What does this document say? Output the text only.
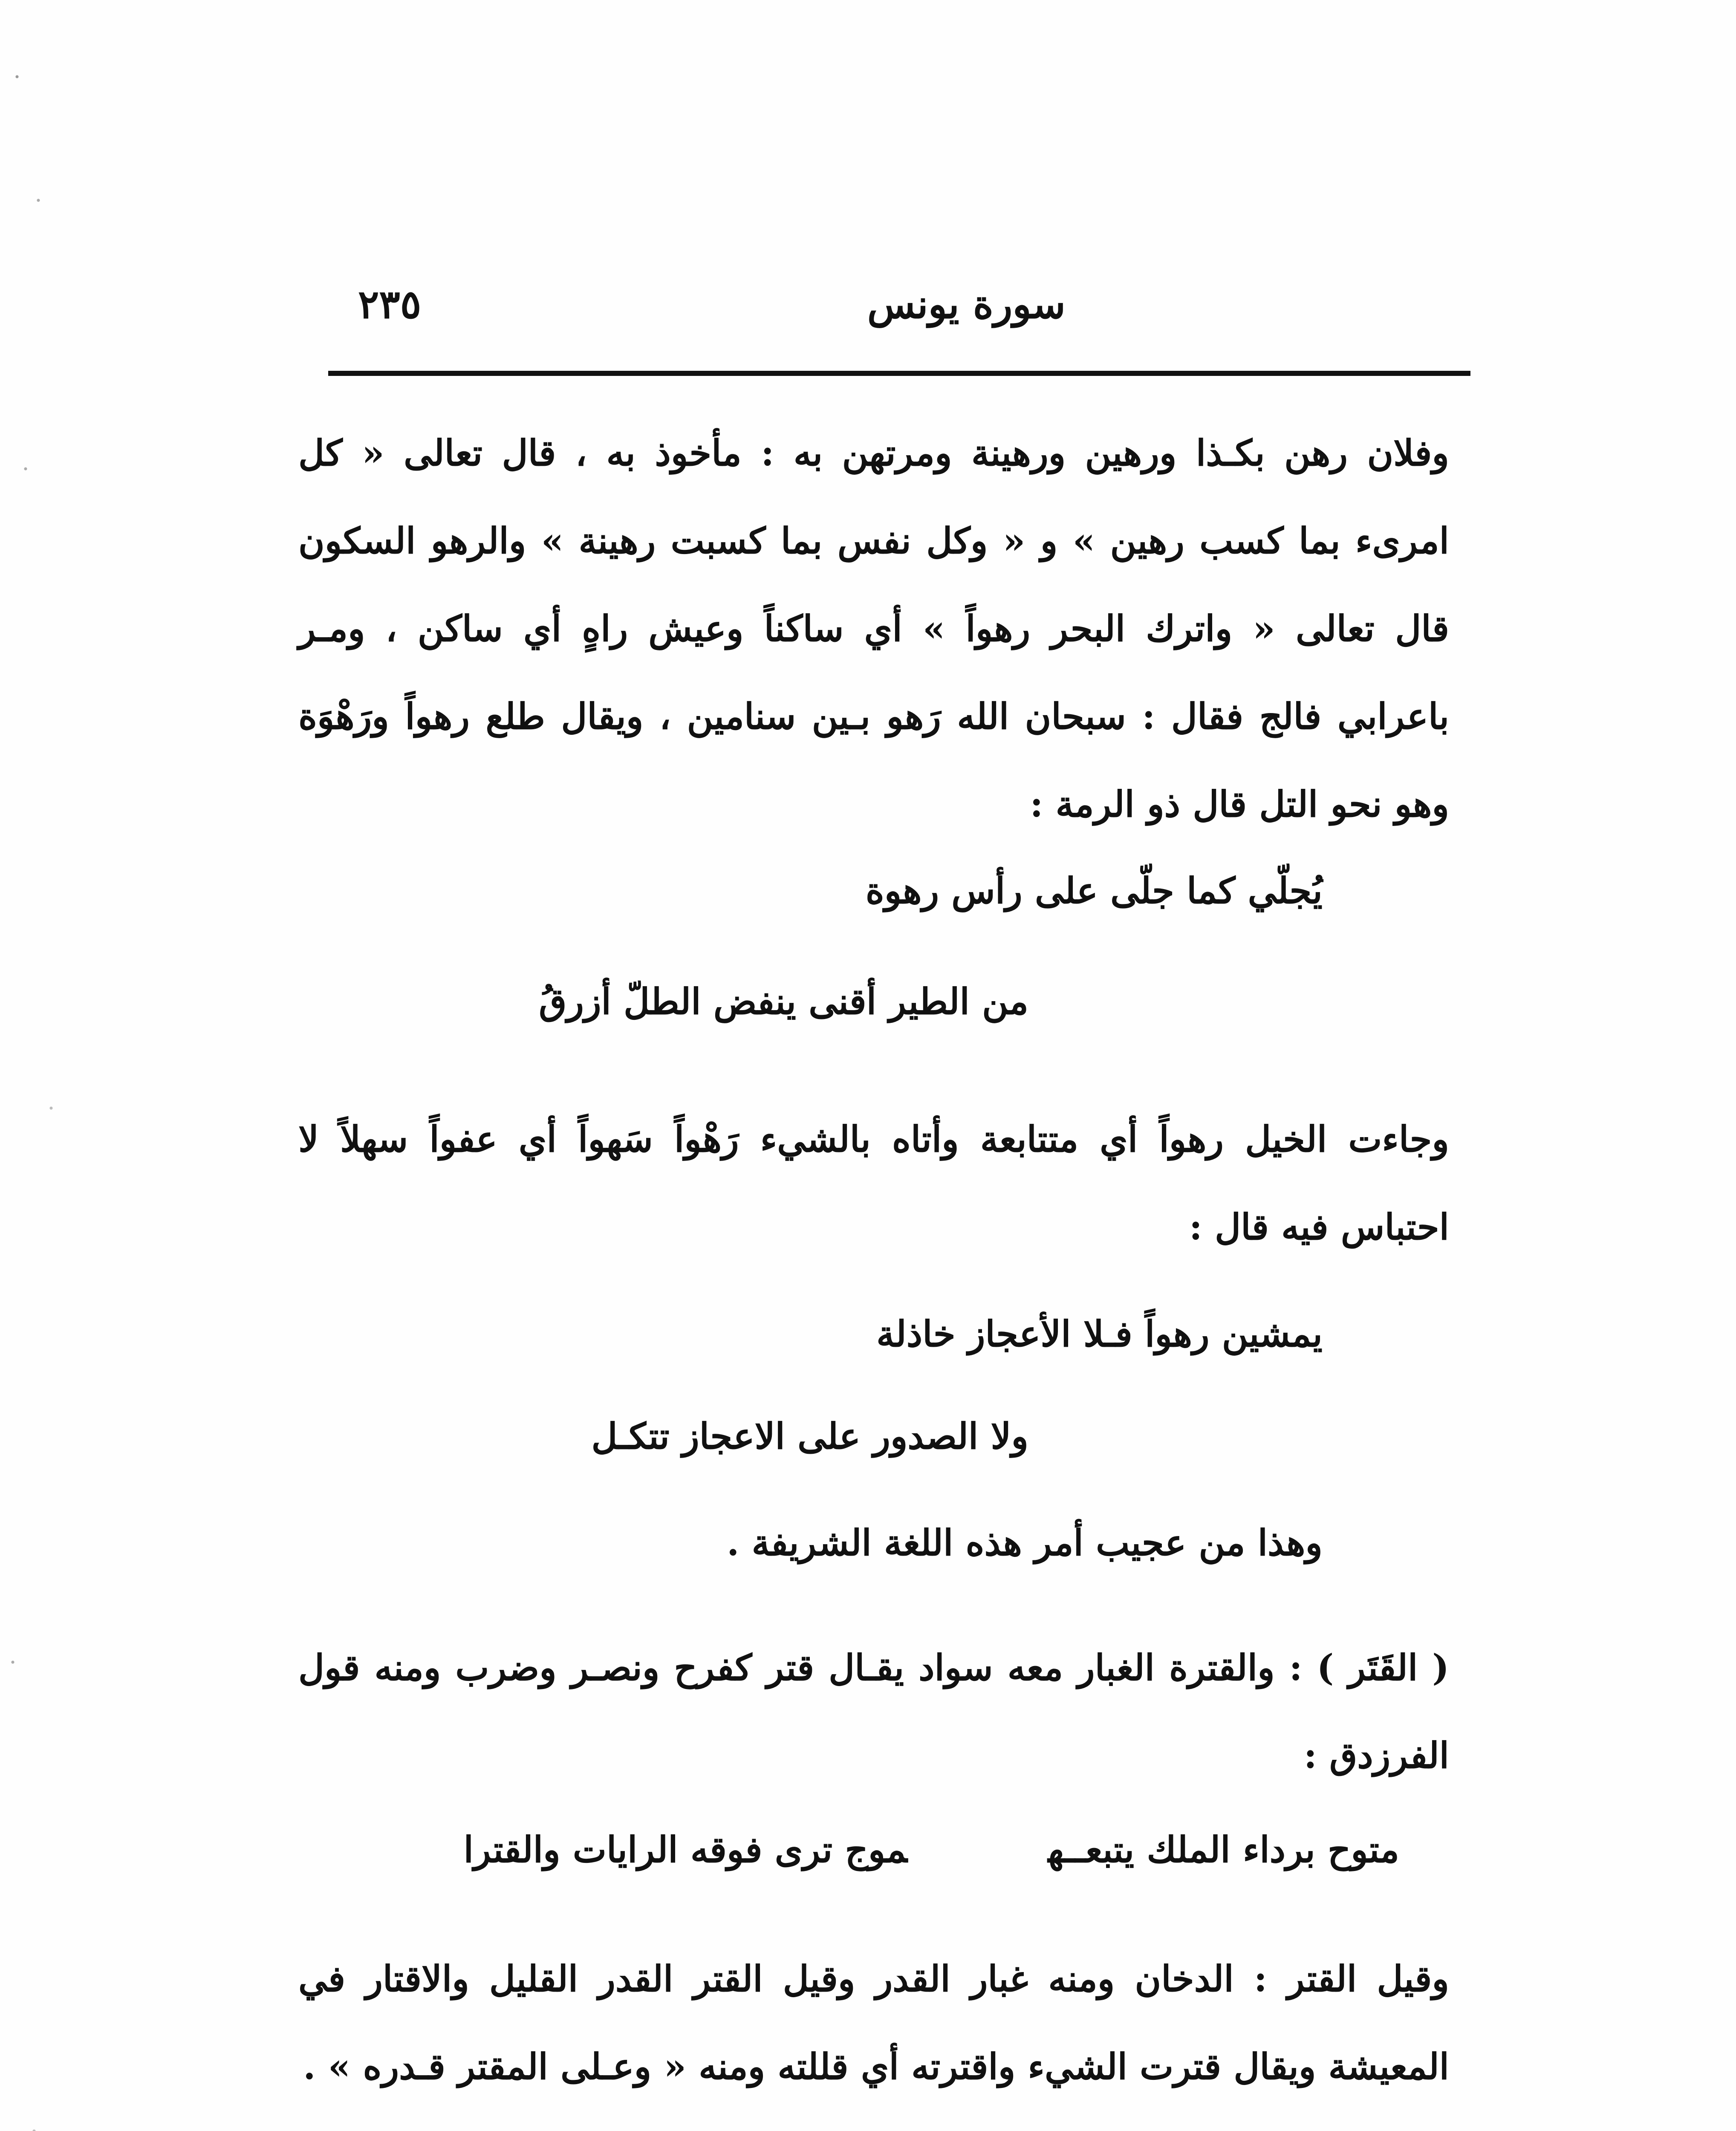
سورة يونس
٢٣٥
وفلان رهن بكـذا ورهين ورهينة ومرتهن به : مأخوذ به ، قال تعالى « كل امرىء بما كسب رهين » و « وكل نفس بما كسبت رهينة » والرهو السكون قال تعالى « واترك البحر رهواً » أي ساكناً وعيش راهٍ أي ساكن ، ومـر باعرابي فالج فقال : سبحان الله رَهو بـين سنامين ، ويقال طلع رهواً ورَهْوَة وهو نحو التل قال ذو الرمة :
يُجلّي كما جلّى على رأس رهوة
من الطير أقنى ينفض الطلّ أزرقُ
وجاءت الخيل رهواً أي متتابعة وأتاه بالشيء رَهْواً سَهواً أي عفواً سهلاً لا احتباس فيه قال :
يمشين رهواً فـلا الأعجاز خاذلة
ولا الصدور على الاعجاز تتكـل
وهذا من عجيب أمر هذه اللغة الشريفة .
( القَتَر ) : والقترة الغبار معه سواد يقـال قتر كفرح ونصـر وضرب ومنه قول الفرزدق :
متوح برداء الملك يتبعــهموج ترى فوقه الرايات والقترا
وقيل القتر : الدخان ومنه غبار القدر وقيل القتر القدر القليل والاقتار في المعيشة ويقال قترت الشيء واقترته أي قللته ومنه « وعـلى المقتر قـدره » .
